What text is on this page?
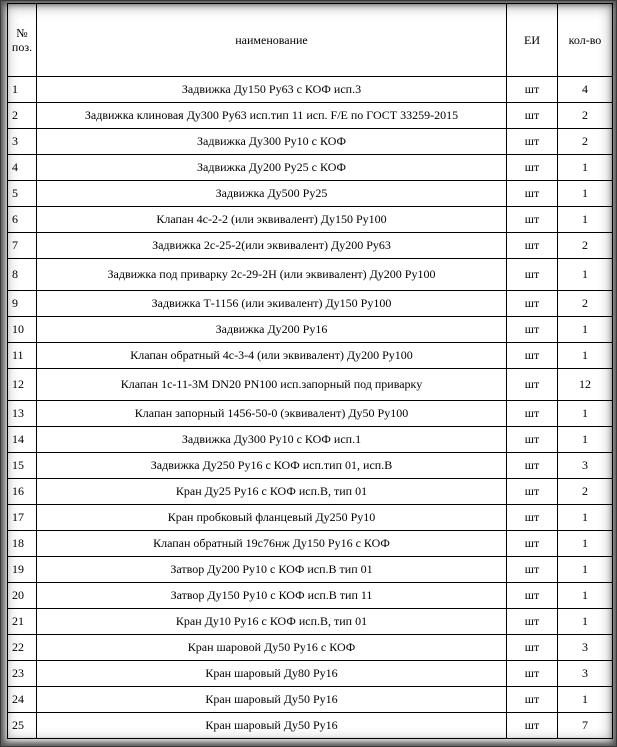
№
поз.	наименование	ЕИ	кол-во
1	Задвижка Ду150 Ру63 с КОФ исп.3	шт	4
2	Задвижка клиновая Ду300 Ру63 исп.тип 11 исп. F/E по ГОСТ 33259-2015	шт	2
3	Задвижка Ду300 Ру10 с КОФ	шт	2
4	Задвижка Ду200 Ру25 с КОФ	шт	1
5	Задвижка Ду500 Ру25	шт	1
6	Клапан 4с-2-2 (или эквивалент) Ду150 Ру100	шт	1
7	Задвижка 2с-25-2(или эквивалент) Ду200 Ру63	шт	2
8	Задвижка под приварку 2с-29-2Н (или эквивалент) Ду200 Ру100	шт	1
9	Задвижка Т-1156 (или экивалент) Ду150 Ру100	шт	2
10	Задвижка Ду200 Ру16	шт	1
11	Клапан обратный 4с-3-4 (или эквивалент) Ду200 Ру100	шт	1
12	Клапан 1с-11-3М DN20 PN100 исп.запорный под приварку	шт	12
13	Клапан запорный 1456-50-0 (эквивалент) Ду50 Ру100	шт	1
14	Задвижка Ду300 Ру10 с КОФ исп.1	шт	1
15	Задвижка Ду250 Ру16 с КОФ исп.тип 01, исп.В	шт	3
16	Кран Ду25 Ру16 с КОФ исп.В, тип 01	шт	2
17	Кран пробковый фланцевый Ду250 Ру10	шт	1
18	Клапан обратный 19с76нж Ду150 Ру16 с КОФ	шт	1
19	Затвор Ду200 Ру10 с КОФ исп.В тип 01	шт	1
20	Затвор Ду150 Ру10 с КОФ исп.В тип 11	шт	1
21	Кран Ду10 Ру16 с КОФ исп.В, тип 01	шт	1
22	Кран шаровой Ду50 Ру16 с КОФ	шт	3
23	Кран шаровый Ду80 Ру16	шт	3
24	Кран шаровый Ду50 Ру16	шт	1
25	Кран шаровый Ду50 Ру16	шт	7
